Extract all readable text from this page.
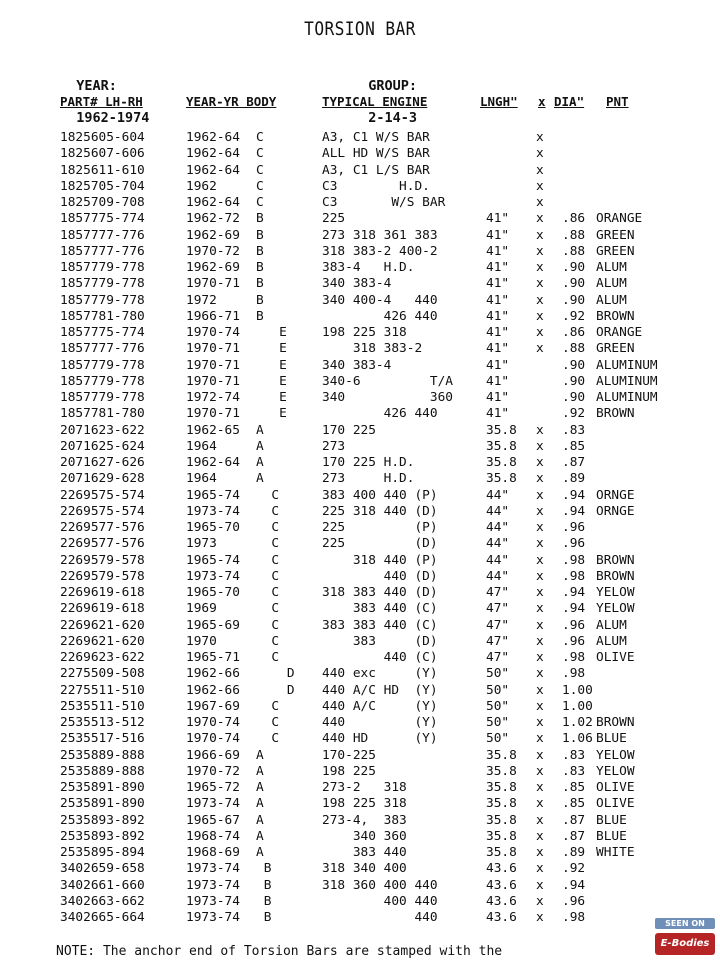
TORSION BAR

YEAR:

1962-1974

GROUP:

2-14-3

PART# LH-RH	YEAR-YR BODY	TYPICAL ENGINE	LNGH" x DIA" PNT
1825605-604	1962-64 C	A3, C1 W/S BAR	x
1825607-606	1962-64 C	ALL HD W/S BAR	x
1825611-610	1962-64 C	A3, C1 L/S BAR	x
1825705-704	1962	C	C3        H.D.	x
1825709-708	1962-64 C	C3       W/S BAR	x
1857775-774	1962-72 B	225	41" x .86 ORANGE
1857777-776	1962-69 B	273 318 361 383	41" x .88 GREEN
1857777-776	1970-72 B	318 383-2 400-2	41" x .88 GREEN
1857779-778	1962-69 B	383-4   H.D.	41" x .90 ALUM
1857779-778	1970-71 B	340 383-4	41" x .90 ALUM
1857779-778	1972	B	340 400-4   440	41" x .90 ALUM
1857781-780	1966-71 B	426 440	41" x .92 BROWN
1857775-774	1970-74 E	198 225 318	41" x .86 ORANGE
1857777-776	1970-71 E	318 383-2	41" x .88 GREEN
1857779-778	1970-71 E	340 383-4	41"	.90 ALUMINUM
1857779-778	1970-71 E	340-6         T/A	41"	.90 ALUMINUM
1857779-778	1972-74 E	340           360	41"	.90 ALUMINUM
1857781-780	1970-71 E	426 440	41"	.92 BROWN
2071623-622	1962-65 A	170 225	35.8 x .83
2071625-624	1964	A	273	35.8 x .85
2071627-626	1962-64 A	170 225 H.D.	35.8 x .87
2071629-628	1964	A	273     H.D.	35.8 x .89
2269575-574	1965-74 C	383 400 440 (P)	44" x .94 ORNGE
2269575-574	1973-74 C	225 318 440 (D)	44" x .94 ORNGE
2269577-576	1965-70 C	225         (P)	44" x .96
2269577-576	1973	C	225         (D)	44" x .96
2269579-578	1965-74 C	318 440 (P)	44" x .98 BROWN
2269579-578	1973-74 C	440 (D)	44" x .98 BROWN
2269619-618	1965-70 C	318 383 440 (D)	47" x .94 YELOW
2269619-618	1969	C	383 440 (C)	47" x .94 YELOW
2269621-620	1965-69 C	383 383 440 (C)	47" x .96 ALUM
2269621-620	1970	C	383     (D)	47" x .96 ALUM
2269623-622	1965-71 C	440 (C)	47" x .98 OLIVE
2275509-508	1962-66 D	440 exc     (Y)	50" x .98
2275511-510	1962-66 D	440 A/C HD  (Y)	50" x 1.00
2535511-510	1967-69 C	440 A/C     (Y)	50" x 1.00
2535513-512	1970-74 C	440         (Y)	50" x 1.02 BROWN
2535517-516	1970-74 C	440 HD      (Y)	50" x 1.06 BLUE
2535889-888	1966-69 A	170-225	35.8 x .83 YELOW
2535889-888	1970-72 A	198 225	35.8 x .83 YELOW
2535891-890	1965-72 A	273-2   318	35.8 x .85 OLIVE
2535891-890	1973-74 A	198 225 318	35.8 x .85 OLIVE
2535893-892	1965-67 A	273-4,  383	35.8 x .87 BLUE
2535893-892	1968-74 A	340 360	35.8 x .87 BLUE
2535895-894	1968-69 A	383 440	35.8 x .89 WHITE
3402659-658	1973-74 B	318 340 400	43.6 x .92
3402661-660	1973-74 B	318 360 400 440	43.6 x .94
3402663-662	1973-74 B	400 440	43.6 x .96
3402665-664	1973-74 B	440	43.6 x .98
NOTE: The anchor end of Torsion Bars are stamped with the
SEEN ON
E-Bodies
